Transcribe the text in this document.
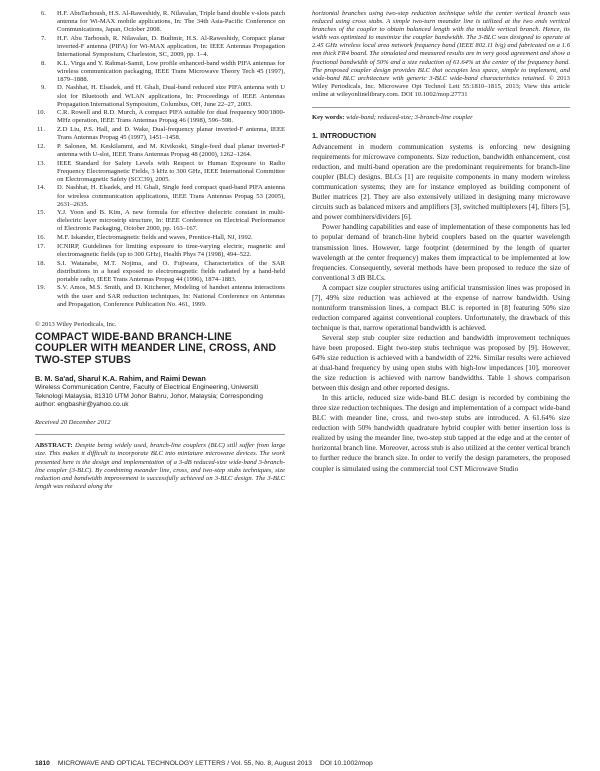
6. H.F. AbuTarboush, H.S. Al-Raweshidy, R. Nilavalan, Triple band double v-slots patch antenna for Wi-MAX mobile applications, In: The 34th Asia-Pacific Conference on Communications, Japan, October 2008.
7. H.F. Abu Tarboush, R. Nilavalan, D. Budimir, H.S. Al-Raweshidy, Compact planar inverted-F antenna (PIFA) for Wi-MAX application, In: IEEE Antennas Propagation International Symposium, Charleston, SC, 2009, pp. 1–4.
8. K.L. Virga and Y. Rahmat-Samii, Low profile enhanced-band width PIFA antennas for wireless communication packaging, IEEE Trans Microwave Theory Tech 45 (1997), 1879–1888.
9. D. Nashhat, H. Elsadek, and H. Ghali, Dual-band reduced size PIFA antenna with U slot for Bluetooth and WLAN applications, In: Proceedings of IEEE Antennas Propagation International Symposium, Columbus, OH, June 22–27, 2003.
10. C.R. Rowell and R.D. Murch, A compact PIFA suitable for dual frequency 900/1800-MHz operation, IEEE Trans Antennas Propag 46 (1998), 596–598.
11. Z.D Liu, P.S. Hall, and D. Wake, Dual-frequency planar inverted-F antenna, IEEE Trans Antennas Propag 45 (1997), 1451–1458.
12. P. Salonen, M. Keskilammi, and M. Kivikoski, Single-feed dual planar inverted-F antenna with U-slot, IEEE Trans Antennas Propag 48 (2000), 1262–1264.
13. IEEE Standard for Safety Levels with Respect to Human Exposure to Radio Frequency Electromagnetic Fields, 3 kHz to 300 GHz, IEEE International Committee on Electromagnetic Safety (SCC39), 2005.
14. D. Nashhat, H. Elsadek, and H. Ghali, Single feed compact quad-band PIFA antenna for wireless communication applications, IEEE Trans Antennas Propag 53 (2005), 2631–2635.
15. Y.J. Yoon and B. Kim, A new formula for effective dielectric constant in multi- dielectric layer microstrip structure, In: IEEE Conference on Electrical Performance of Electronic Packaging, October 2000, pp. 163–167.
16. M.F. Iskander, Electromagnetic fields and waves, Prentice-Hall, NJ, 1992.
17. ICNIRP, Guidelines for limiting exposure to time-varying electric, magnetic and electromagnetic fields (up to 300 GHz), Health Phys 74 (1998), 494–522.
18. S.I. Watanabe, M.T. Nojima, and O. Fujiwara, Characteristics of the SAR distributions in a head exposed to electromagnetic fields radiated by a hand-held portable radio, IEEE Trans Antennas Propag 44 (1996), 1874–1883.
19. S.V. Amos, M.S. Smith, and D. Kitchener, Modeling of handset antenna interactions with the user and SAR reduction techniques, In: National Conference on Antennas and Propagation, Conference Publication No. 461, 1999.
© 2013 Wiley Periodicals, Inc.
COMPACT WIDE-BAND BRANCH-LINE COUPLER WITH MEANDER LINE, CROSS, AND TWO-STEP STUBS
B. M. Sa'ad, Sharul K.A. Rahim, and Raimi Dewan
Wireless Communication Centre, Faculty of Electrical Engineering, Universiti Teknologi Malaysia, 81310 UTM Johor Bahru, Johor, Malaysia; Corresponding author: engbashir@yahoo.co.uk
Received 20 December 2012
ABSTRACT: Despite being widely used, branch-line couplers (BLC) still suffer from large size. This makes it difficult to incorporate BLC into miniature microwave devices. The work presented here is the design and implementation of a 3-dB reduced-size wide-band 3-branch-line coupler (3-BLC). By combining meander line, cross, and two-step stubs techniques, size reduction and bandwidth improvement is successfully achieved on 3-BLC design. The 3-BLC length was reduced along the
horizontal branches using two-step reduction technique while the center vertical branch was reduced using cross stubs. A simple two-turn meander line is utilized at the two ends vertical branches of the coupler to obtain balanced length with the middle vertical branch. Hence, its width was optimized to maximize the coupler bandwidth. The 3-BLC was designed to operate at 2.45 GHz wireless local area network frequency band (IEEE 802.11 b/g) and fabricated on a 1.6 mm thick FR4 board. The simulated and measured results are in very good agreement and show a fractional bandwidth of 50% and a size reduction of 61.64% at the center of the frequency band. The proposed coupler design provides BLC that occupies less space, simple to implement, and wide-band BLC architecture with generic 3-BLC wide-band characteristics retained. © 2013 Wiley Periodicals, Inc. Microwave Opt Technol Lett 55:1810–1815, 2013; View this article online at wileyonlinelibrary.com. DOI 10.1002/mop.27731
Key words: wide-band; reduced-size; 3-branch-line coupler
1. INTRODUCTION

Advancement in modern communication systems is enforcing new designing requirements for microwave components. Size reduction, bandwidth enhancement, cost reduction, and multi-band operation are the predominant requirements for branch-line coupler (BLC) designs. BLCs [1] are requisite components in many modern wireless communication systems; they are for instance employed as building component of Butler matrices [2]. They are also extensively utilized in designing many microwave circuits such as balanced mixers and amplifiers [3], switched multiplexers [4], filters [5], and power combiners/dividers [6].

Power handling capabilities and ease of implementation of these components has led to popular demand of branch-line hybrid couplers based on the quarter wavelength transmission lines. However, large footprint (determined by the length of quarter wavelength at the center frequency) makes them impractical to be implemented at low frequencies. Consequently, several methods have been proposed to reduce the size of conventional 3 dB BLCs.

A compact size coupler structures using artificial transmission lines was proposed in [7], 49% size reduction was achieved at the expense of narrow bandwidth. Using nonuniform transmission lines, a compact BLC is reported in [8] featuring 50% size reduction compared against conventional couplers. Unfortunately, the drawback of this technique is that, narrow operational bandwidth is achieved.

Several step stub coupler size reduction and bandwidth improvement techniques have been proposed. Eight two-step stubs technique was proposed by [9]. However, 64% size reduction is achieved with a bandwidth of 22%. Similar results were achieved at dual-band frequency by using open stubs with high-low impedances [10], moreover the size reduction is achieved with narrow bandwidths. Table 1 shows comparison between this design and other reported designs.

In this article, reduced size wide-band BLC design is recorded by combining the three size reduction techniques. The design and implementation of a compact wide-band BLC with meander line, cross, and two-step stubs are introduced. A 61.64% size reduction with 50% bandwidth quadrature hybrid coupler with better insertion loss is realized by using the meander line, two-step stub tapped at the edge and at the center of horizontal branch line. Moreover, across stub is also utilized at the center vertical branch to further reduce the branch size. In order to verify the design parameters, the proposed coupler is simulated using the commercial tool CST Microwave Studio

1810 MICROWAVE AND OPTICAL TECHNOLOGY LETTERS / Vol. 55, No. 8, August 2013 DOI 10.1002/mop
